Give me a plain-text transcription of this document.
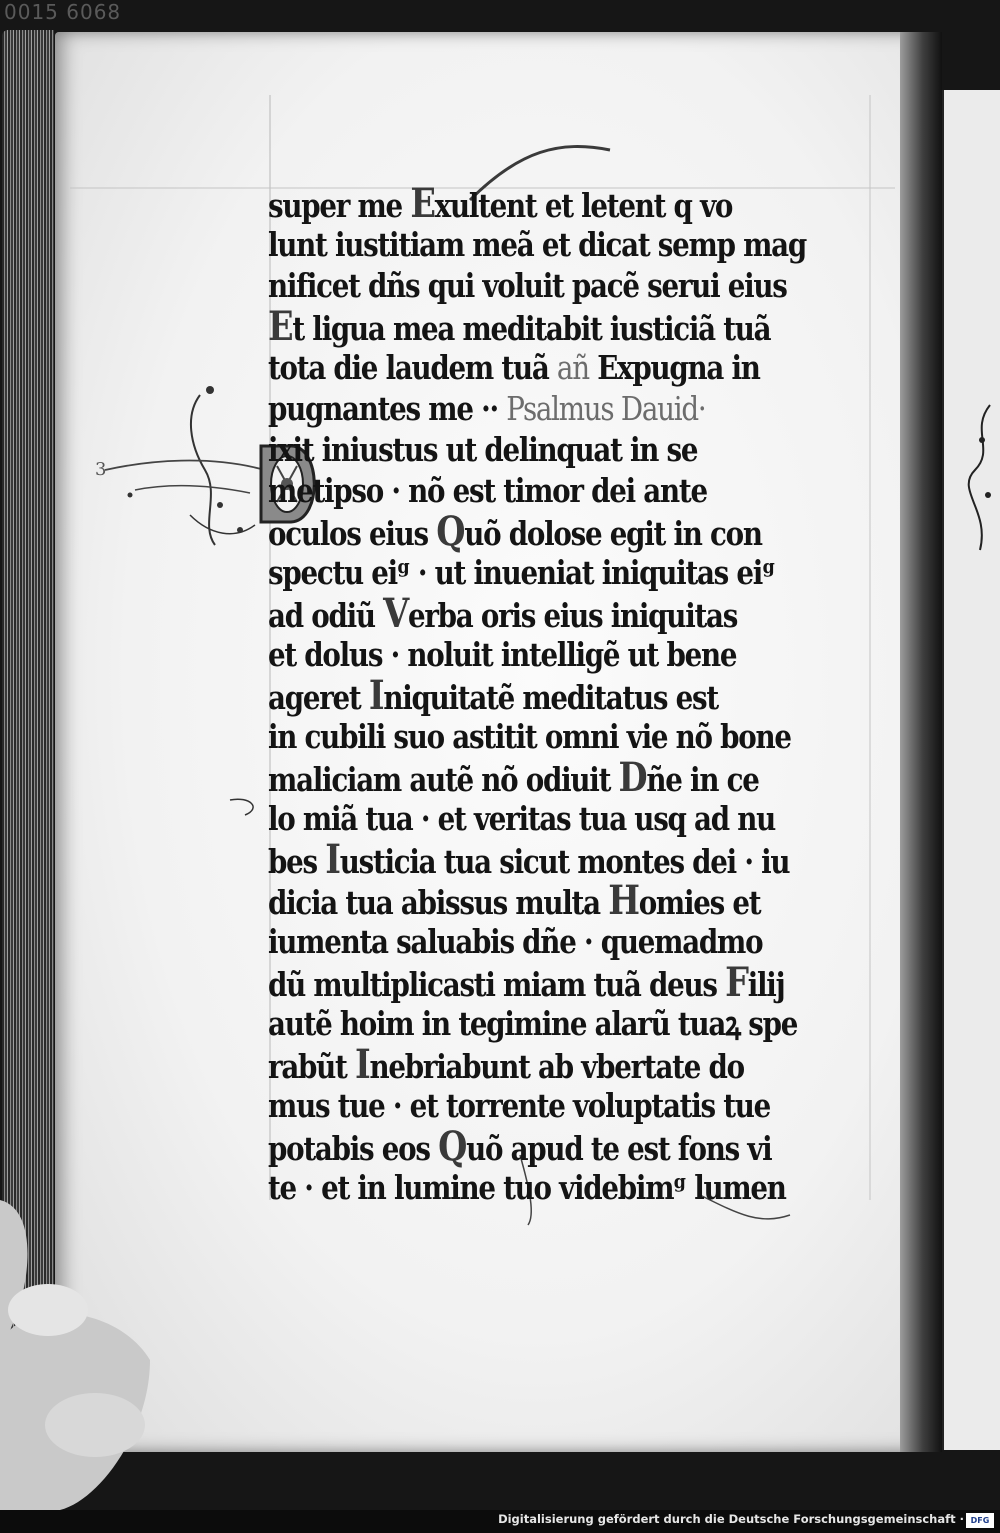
0015 6068
3
super me Exultent et letent q vo
lunt iustitiam meã et dicat semp mag
nificet dñs qui voluit pacẽ serui eius
Et ligua mea meditabit iusticiã tuã
tota die laudem tuã añ Expugna in
pugnantes me ·· Psalmus Dauid·
ixit iniustus ut delinquat in se
metipso · nõ est timor dei ante
oculos eius Quõ dolose egit in con
spectu eiᵍ · ut inueniat iniquitas eiᵍ
ad odiũ Verba oris eius iniquitas
et dolus · noluit intelligẽ ut bene
ageret Iniquitatẽ meditatus est
in cubili suo astitit omni vie nõ bone
maliciam autẽ nõ odiuit Dñe in ce
lo miã tua · et veritas tua usq ad nu
bes Iusticia tua sicut montes dei · iu
dicia tua abissus multa Homies et
iumenta saluabis dñe · quemadmo
dũ multiplicasti miam tuã deus Filij
autẽ hoim in tegimine alarũ tuaꝝ spe
rabũt Inebriabunt ab vbertate do
mus tue · et torrente voluptatis tue
potabis eos Quõ apud te est fons vi
te · et in lumine tuo videbimᵍ lumen
Digitalisierung gefördert durch die Deutsche Forschungsgemeinschaft · DFG
